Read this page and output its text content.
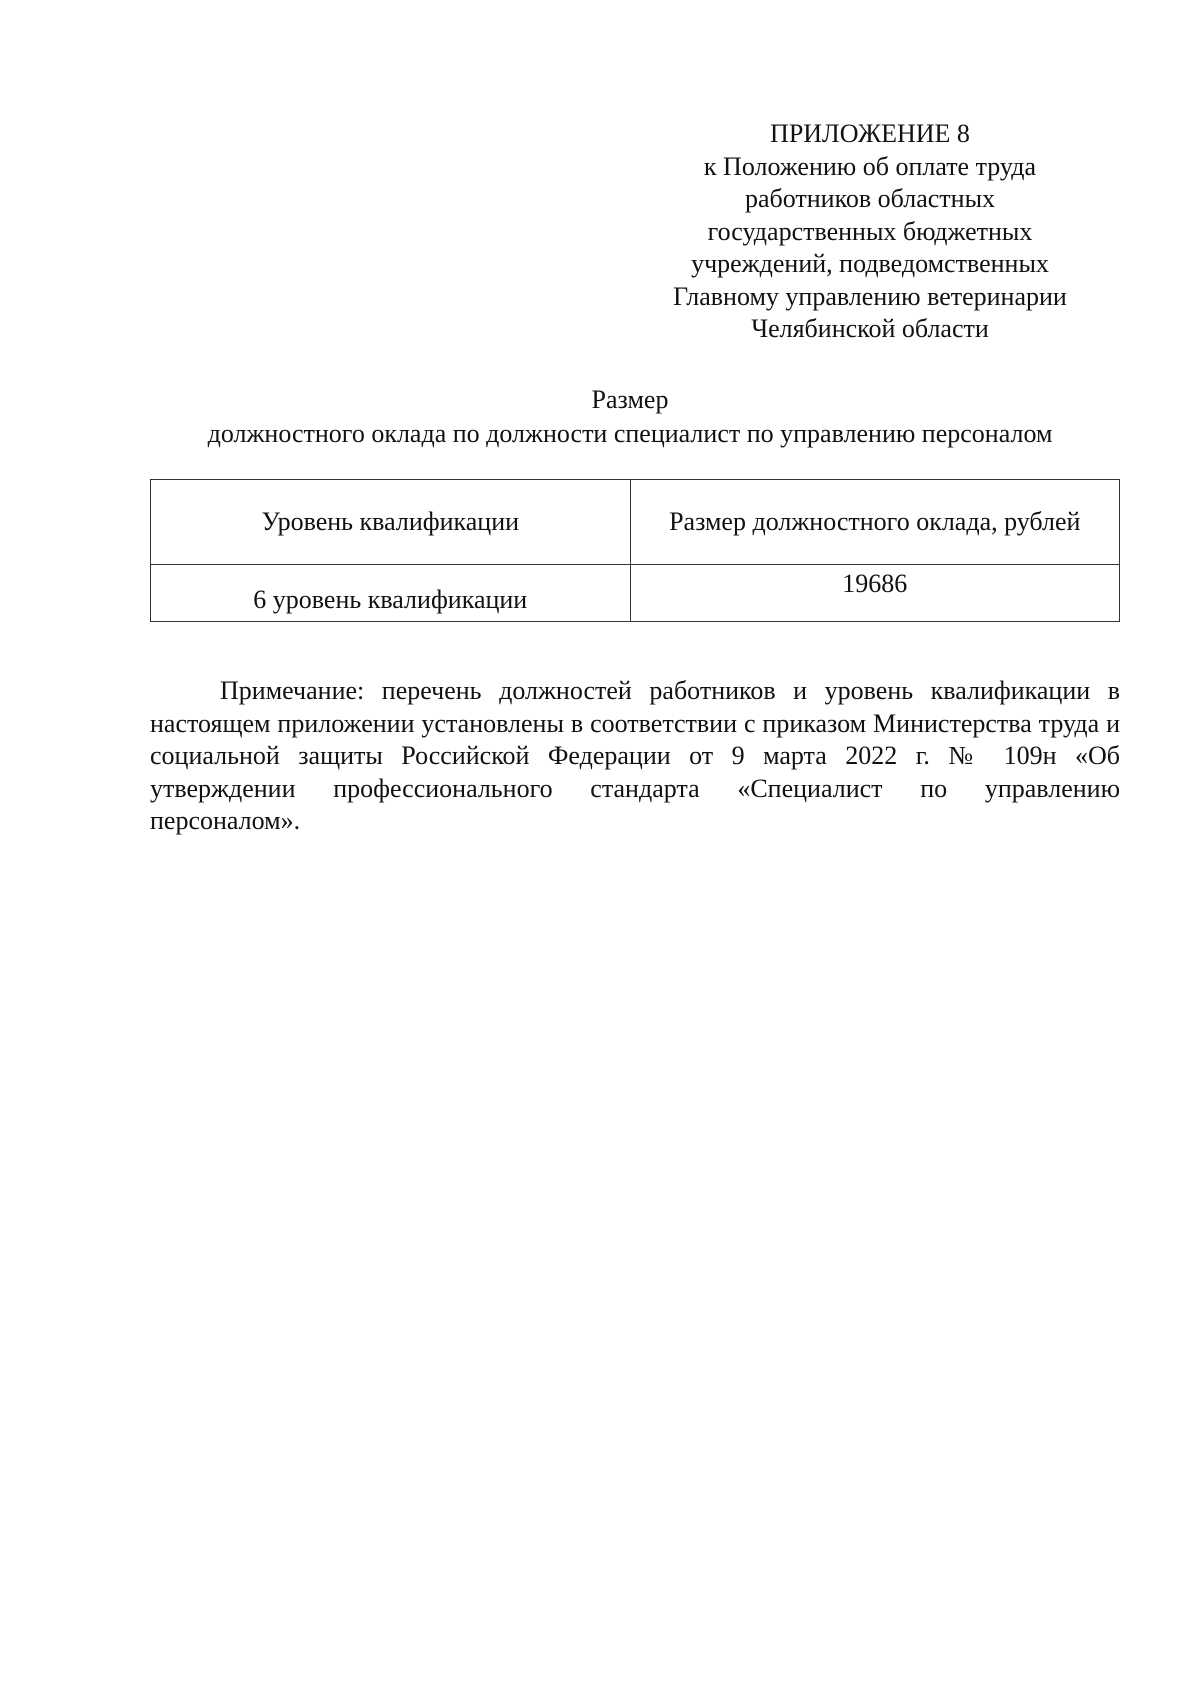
ПРИЛОЖЕНИЕ 8
к Положению об оплате труда
работников областных
государственных бюджетных
учреждений, подведомственных
Главному управлению ветеринарии
Челябинской области
Размер
должностного оклада по должности специалист по управлению персоналом
Уровень квалификации	Размер должностного оклада, рублей
6 уровень квалификации	19686

Примечание: перечень должностей работников и уровень квалификации в настоящем приложении установлены в соответствии с приказом Министерства труда и социальной защиты Российской Федерации от 9 марта 2022 г. № 109н «Об утверждении профессионального стандарта «Специалист по управлению персоналом».
